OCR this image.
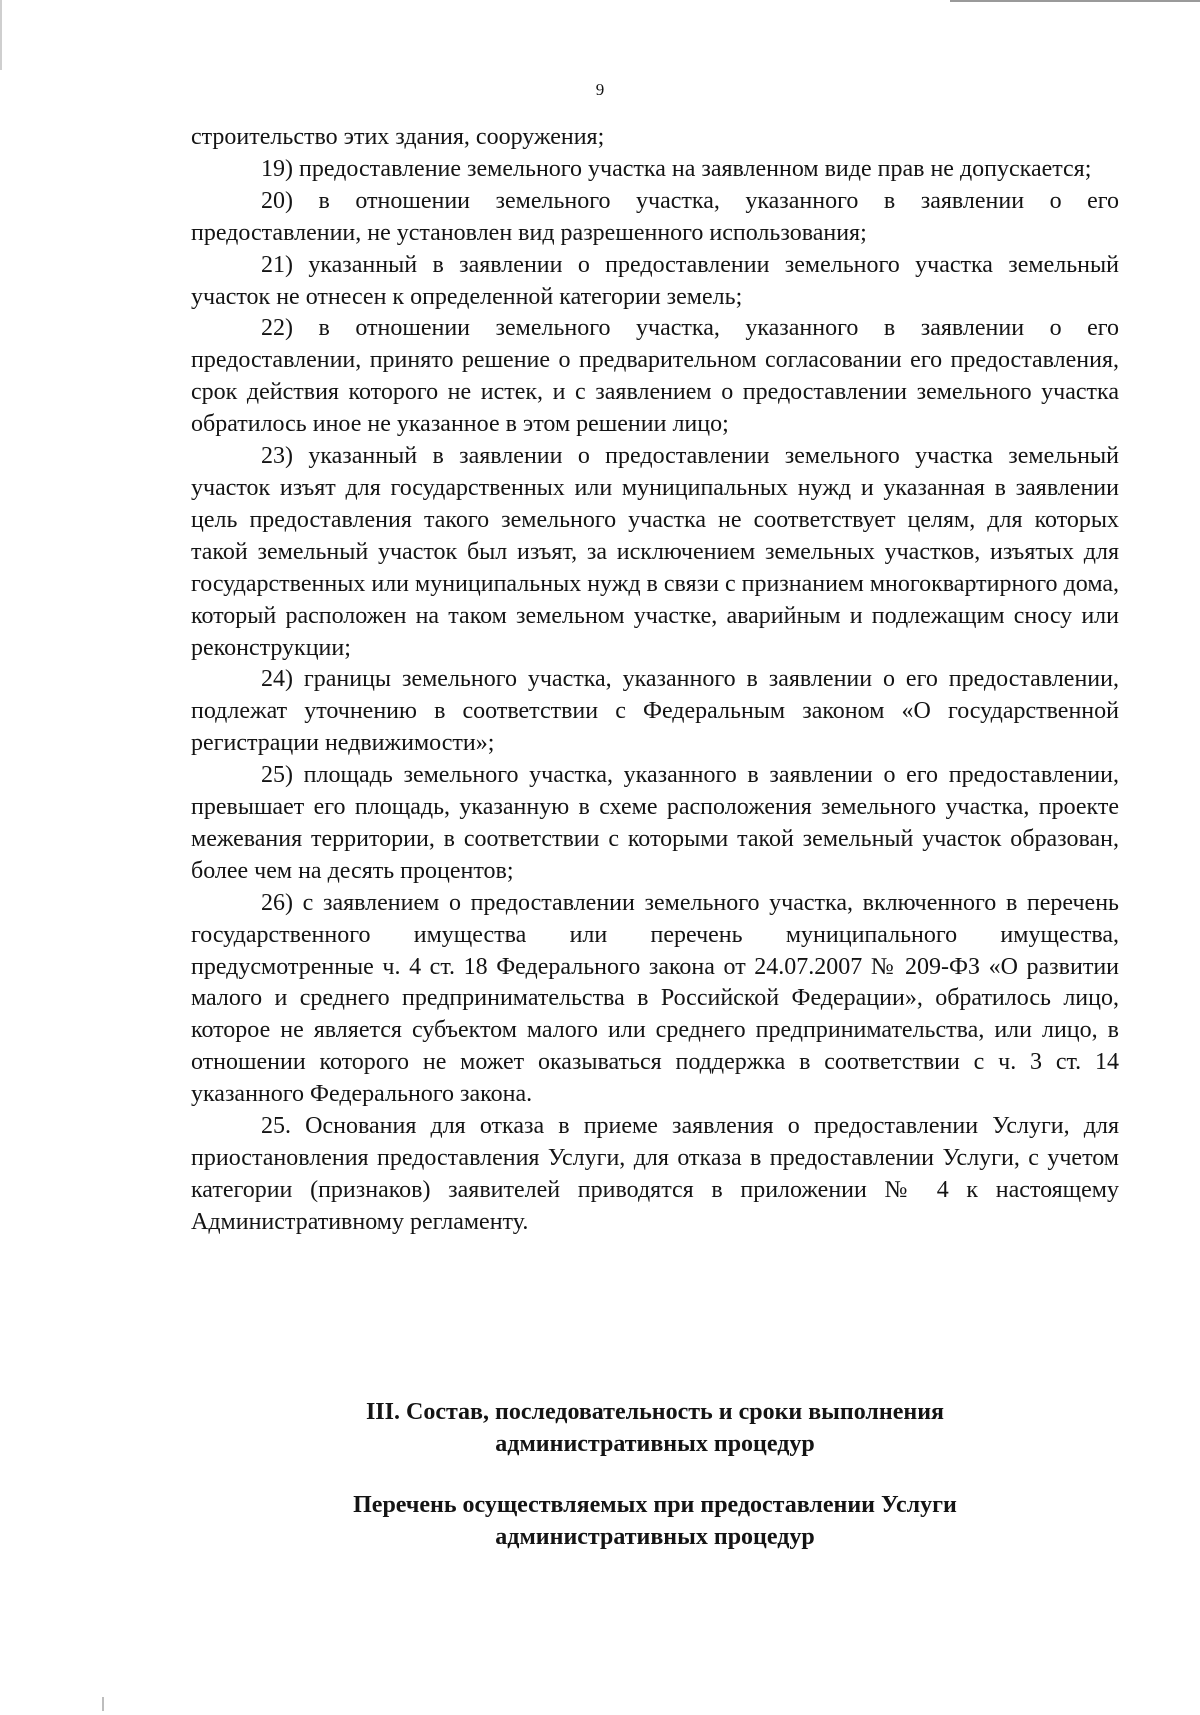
9

строительство этих здания, сооружения;

19) предоставление земельного участка на заявленном виде прав не допускается;

20) в отношении земельного участка, указанного в заявлении о его предоставлении, не установлен вид разрешенного использования;

21) указанный в заявлении о предоставлении земельного участка земельный участок не отнесен к определенной категории земель;

22) в отношении земельного участка, указанного в заявлении о его предоставлении, принято решение о предварительном согласовании его предоставления, срок действия которого не истек, и с заявлением о предоставлении земельного участка обратилось иное не указанное в этом решении лицо;

23) указанный в заявлении о предоставлении земельного участка земельный участок изъят для государственных или муниципальных нужд и указанная в заявлении цель предоставления такого земельного участка не соответствует целям, для которых такой земельный участок был изъят, за исключением земельных участков, изъятых для государственных или муниципальных нужд в связи с признанием многоквартирного дома, который расположен на таком земельном участке, аварийным и подлежащим сносу или реконструкции;

24) границы земельного участка, указанного в заявлении о его предоставлении, подлежат уточнению в соответствии с Федеральным законом «О государственной регистрации недвижимости»;

25) площадь земельного участка, указанного в заявлении о его предоставлении, превышает его площадь, указанную в схеме расположения земельного участка, проекте межевания территории, в соответствии с которыми такой земельный участок образован, более чем на десять процентов;

26) с заявлением о предоставлении земельного участка, включенного в перечень государственного имущества или перечень муниципального имущества, предусмотренные ч. 4 ст. 18 Федерального закона от 24.07.2007 № 209-ФЗ «О развитии малого и среднего предпринимательства в Российской Федерации», обратилось лицо, которое не является субъектом малого или среднего предпринимательства, или лицо, в отношении которого не может оказываться поддержка в соответствии с ч. 3 ст. 14 указанного Федерального закона.

25. Основания для отказа в приеме заявления о предоставлении Услуги, для приостановления предоставления Услуги, для отказа в предоставлении Услуги, с учетом категории (признаков) заявителей приводятся в приложении № 4 к настоящему Административному регламенту.

III. Состав, последовательность и сроки выполнения
административных процедур
Перечень осуществляемых при предоставлении Услуги
административных процедур
